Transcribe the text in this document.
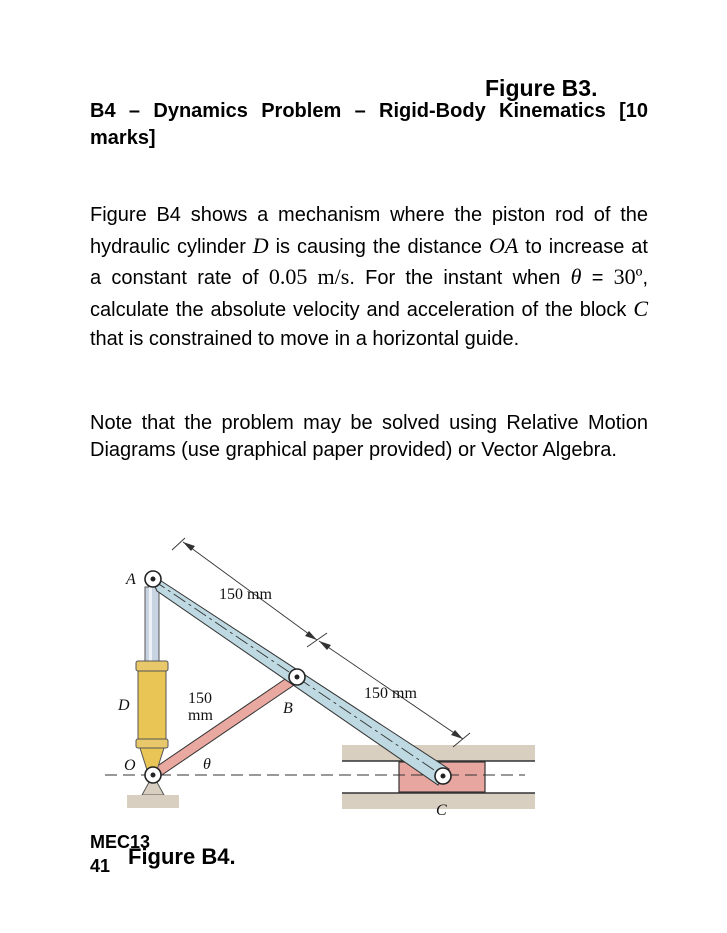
Figure B3.
B4 – Dynamics Problem – Rigid-Body Kinematics [10 marks]
Figure B4 shows a mechanism where the piston rod of the hydraulic cylinder D is causing the distance OA to increase at a constant rate of 0.05 m/s. For the instant when θ = 30º, calculate the absolute velocity and acceleration of the block C that is constrained to move in a horizontal guide.
Note that the problem may be solved using Relative Motion Diagrams (use graphical paper provided) or Vector Algebra.
A
B
C
D
O	θ
150 mm
150 mm
150
mm
MEC1341 Figure B4.
